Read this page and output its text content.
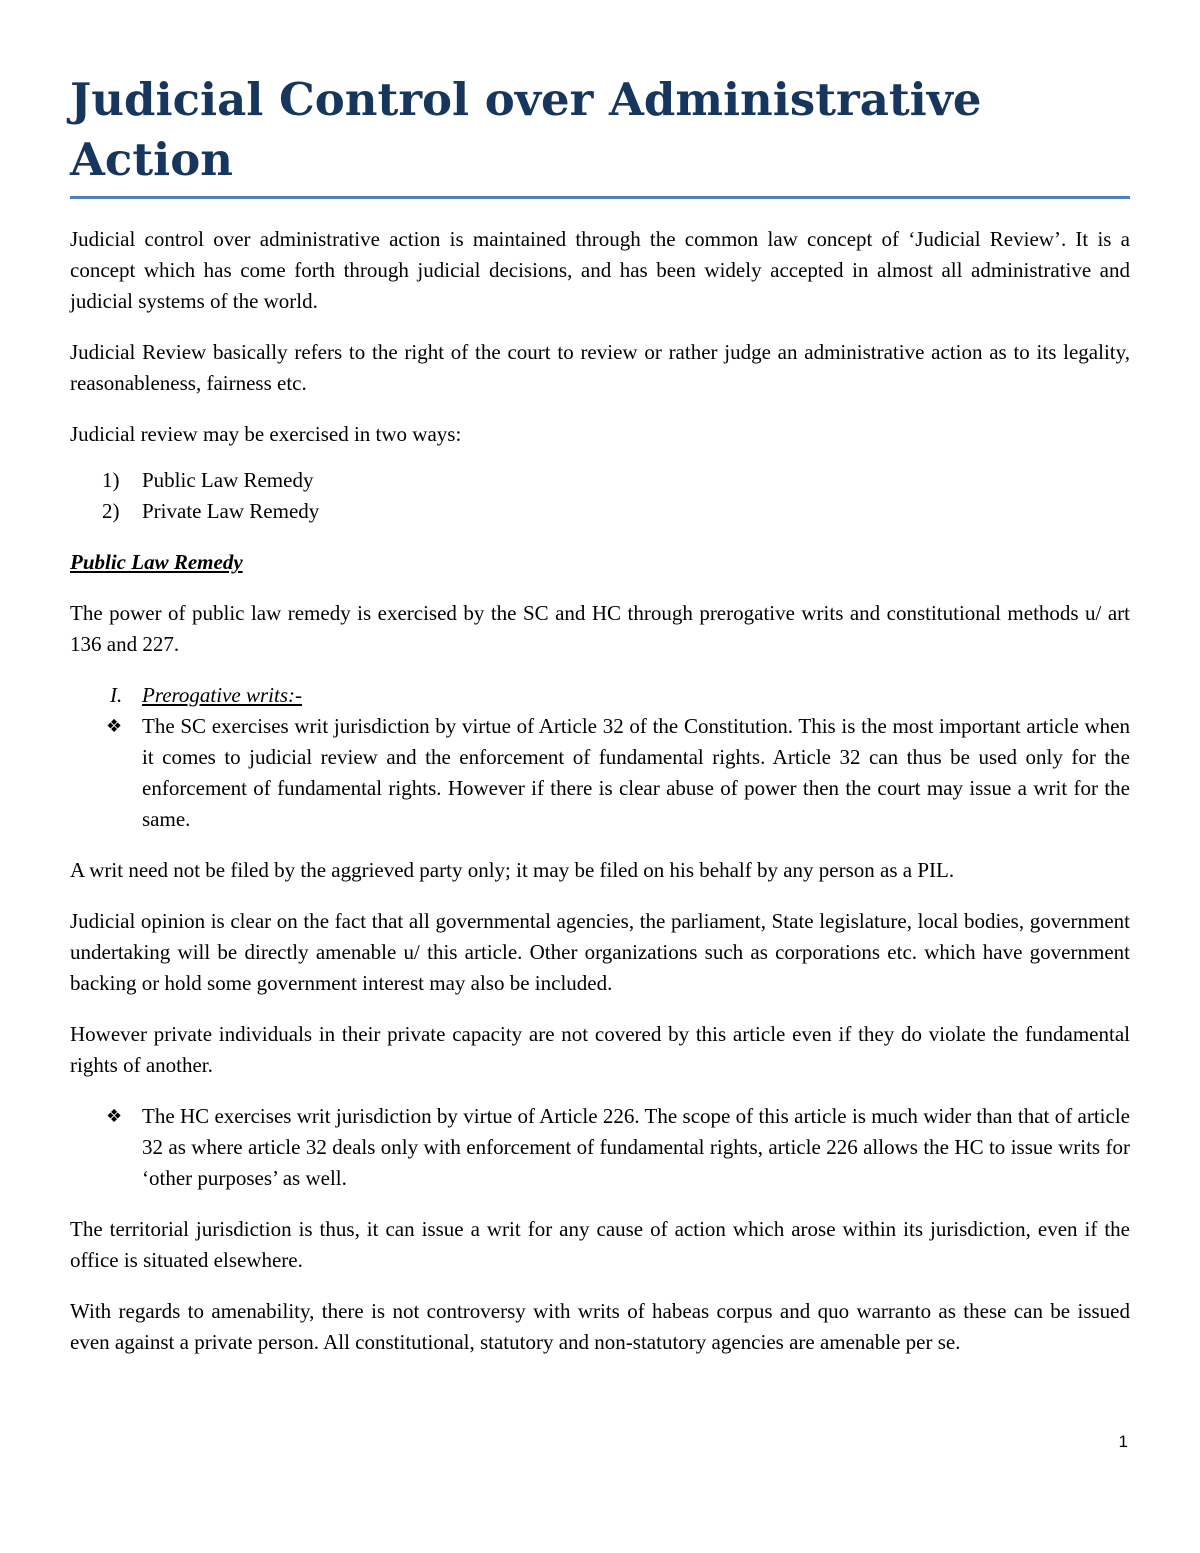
Judicial Control over Administrative Action

Judicial control over administrative action is maintained through the common law concept of ‘Judicial Review’. It is a concept which has come forth through judicial decisions, and has been widely accepted in almost all administrative and judicial systems of the world.

Judicial Review basically refers to the right of the court to review or rather judge an administrative action as to its legality, reasonableness, fairness etc.

Judicial review may be exercised in two ways:

1) Public Law Remedy
2) Private Law Remedy
Public Law Remedy

The power of public law remedy is exercised by the SC and HC through prerogative writs and constitutional methods u/ art 136 and 227.

I. Prerogative writs:-
❖ The SC exercises writ jurisdiction by virtue of Article 32 of the Constitution. This is the most important article when it comes to judicial review and the enforcement of fundamental rights. Article 32 can thus be used only for the enforcement of fundamental rights. However if there is clear abuse of power then the court may issue a writ for the same.

A writ need not be filed by the aggrieved party only; it may be filed on his behalf by any person as a PIL.

Judicial opinion is clear on the fact that all governmental agencies, the parliament, State legislature, local bodies, government undertaking will be directly amenable u/ this article. Other organizations such as corporations etc. which have government backing or hold some government interest may also be included.

However private individuals in their private capacity are not covered by this article even if they do violate the fundamental rights of another.

❖ The HC exercises writ jurisdiction by virtue of Article 226. The scope of this article is much wider than that of article 32 as where article 32 deals only with enforcement of fundamental rights, article 226 allows the HC to issue writs for ‘other purposes’ as well.

The territorial jurisdiction is thus, it can issue a writ for any cause of action which arose within its jurisdiction, even if the office is situated elsewhere.

With regards to amenability, there is not controversy with writs of habeas corpus and quo warranto as these can be issued even against a private person. All constitutional, statutory and non-statutory agencies are amenable per se.

1
